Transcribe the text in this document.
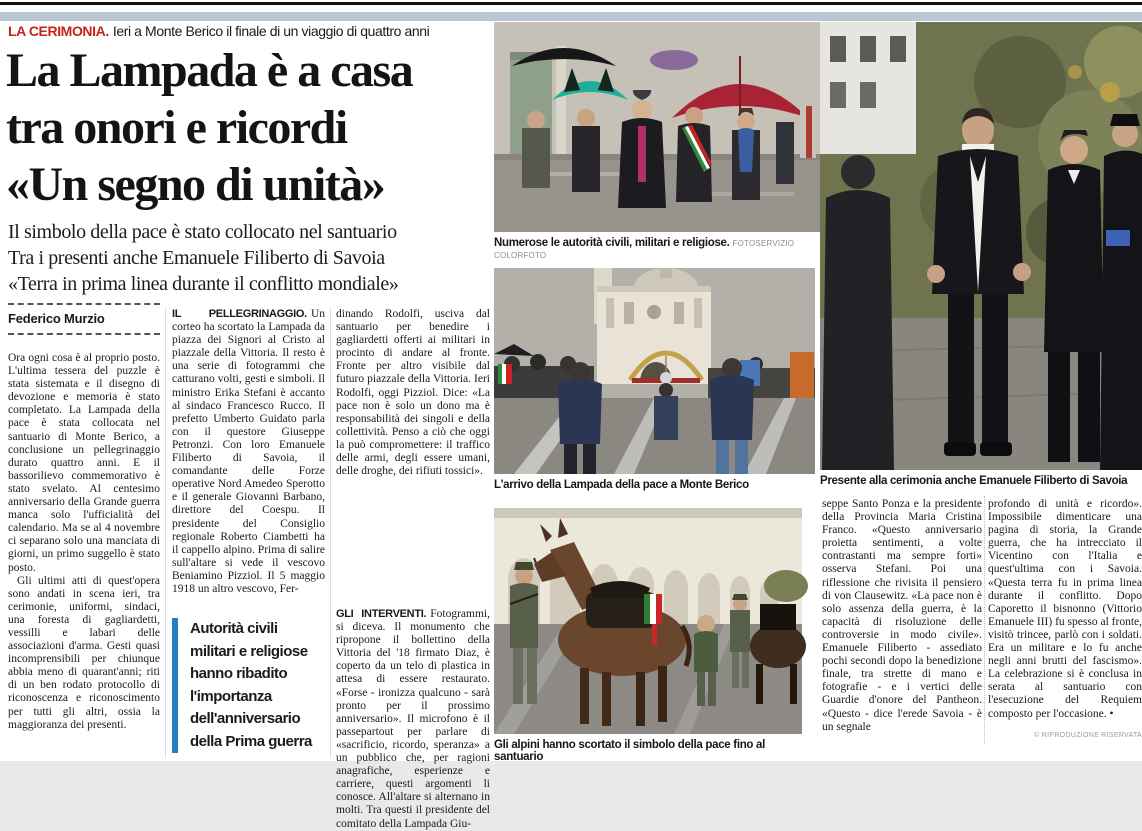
LA CERIMONIA. Ieri a Monte Berico il finale di un viaggio di quattro anni
La Lampada è a casa
tra onori e ricordi
«Un segno di unità»
Il simbolo della pace è stato collocato nel santuario
Tra i presenti anche Emanuele Filiberto di Savoia
«Terra in prima linea durante il conflitto mondiale»
Federico Murzio

Ora ogni cosa è al proprio posto. L'ultima tessera del puzzle è stata sistemata e il disegno di devozione e memoria è stato completato. La Lampada della pace è stata collocata nel santuario di Monte Berico, a conclusione un pellegrinaggio durato quattro anni. E il bassorilievo commemorativo è stato svelato. Al centesimo anniversario della Grande guerra manca solo l'ufficialità del calendario. Ma se al 4 novembre ci separano solo una manciata di giorni, un primo suggello è stato posto.

Gli ultimi atti di quest'opera sono andati in scena ieri, tra cerimonie, uniformi, sindaci, una foresta di gagliardetti, vessilli e labari delle associazioni d'arma. Gesti quasi incomprensibili per chiunque abbia meno di quarant'anni; riti di un ben rodato protocollo di riconoscenza e riconoscimento per tutti gli altri, ossia la maggioranza dei presenti.

IL PELLEGRINAGGIO. Un corteo ha scortato la Lampada da piazza dei Signori al Cristo al piazzale della Vittoria. Il resto è una serie di fotogrammi che catturano volti, gesti e simboli. Il ministro Erika Stefani è accanto al sindaco Francesco Rucco. Il prefetto Umberto Guidato parla con il questore Giuseppe Petronzi. Con loro Emanuele Filiberto di Savoia, il comandante delle Forze operative Nord Amedeo Sperotto e il generale Giovanni Barbano, direttore del Coespu. Il presidente del Consiglio regionale Roberto Ciambetti ha il cappello alpino. Prima di salire sull'altare si vede il vescovo Beniamino Pizziol. Il 5 maggio 1918 un altro vescovo, Fer-

Autorità civili
militari e religiose
hanno ribadito
l'importanza
dell'anniversario
della Prima guerra

dinando Rodolfi, usciva dal santuario per benedire i gagliardetti offerti ai militari in procinto di andare al fronte. Fronte per altro visibile dal futuro piazzale della Vittoria. Ieri Rodolfi, oggi Pizziol. Dice: «La pace non è solo un dono ma è responsabilità dei singoli e della collettività. Penso a ciò che oggi la può compromettere: il traffico delle armi, degli essere umani, delle droghe, dei rifiuti tossici».

GLI INTERVENTI. Fotogrammi, si diceva. Il monumento che ripropone il bollettino della Vittoria del '18 firmato Diaz, è coperto da un telo di plastica in attesa di essere restaurato. «Forse - ironizza qualcuno - sarà pronto per il prossimo anniversario». Il microfono è il passepartout per parlare di «sacrificio, ricordo, speranza» a un pubblico che, per ragioni anagrafiche, esperienze e carriere, questi argomenti li conosce. All'altare si alternano in molti. Tra questi il presidente del comitato della Lampada Giu-

Numerose le autorità civili, militari e religiose. FOTOSERVIZIO COLORFOTO
L'arrivo della Lampada della pace a Monte Berico
Gli alpini hanno scortato il simbolo della pace fino al santuario
Presente alla cerimonia anche Emanuele Filiberto di Savoia

seppe Santo Ponza e la presidente della Provincia Maria Cristina Franco. «Questo anniversario proietta sentimenti, a volte contrastanti ma sempre forti» osserva Stefani. Poi una riflessione che rivisita il pensiero di von Clausewitz. «La pace non è solo assenza della guerra, è la capacità di risoluzione delle controversie in modo civile». Emanuele Filiberto - assediato pochi secondi dopo la benedizione finale, tra strette di mano e fotografie - e i vertici delle Guardie d'onore del Pantheon. «Questo - dice l'erede Savoia - è un segnale

profondo di unità e ricordo». Impossibile dimenticare una pagina di storia, la Grande guerra, che ha intrecciato il Vicentino con l'Italia e quest'ultima con i Savoia. «Questa terra fu in prima linea durante il conflitto. Dopo Caporetto il bisnonno (Vittorio Emanuele III) fu spesso al fronte, visitò trincee, parlò con i soldati. Era un militare e lo fu anche negli anni brutti del fascismo». La celebrazione si è conclusa in serata al santuario con l'esecuzione del Requiem composto per l'occasione. •

© RIPRODUZIONE RISERVATA
